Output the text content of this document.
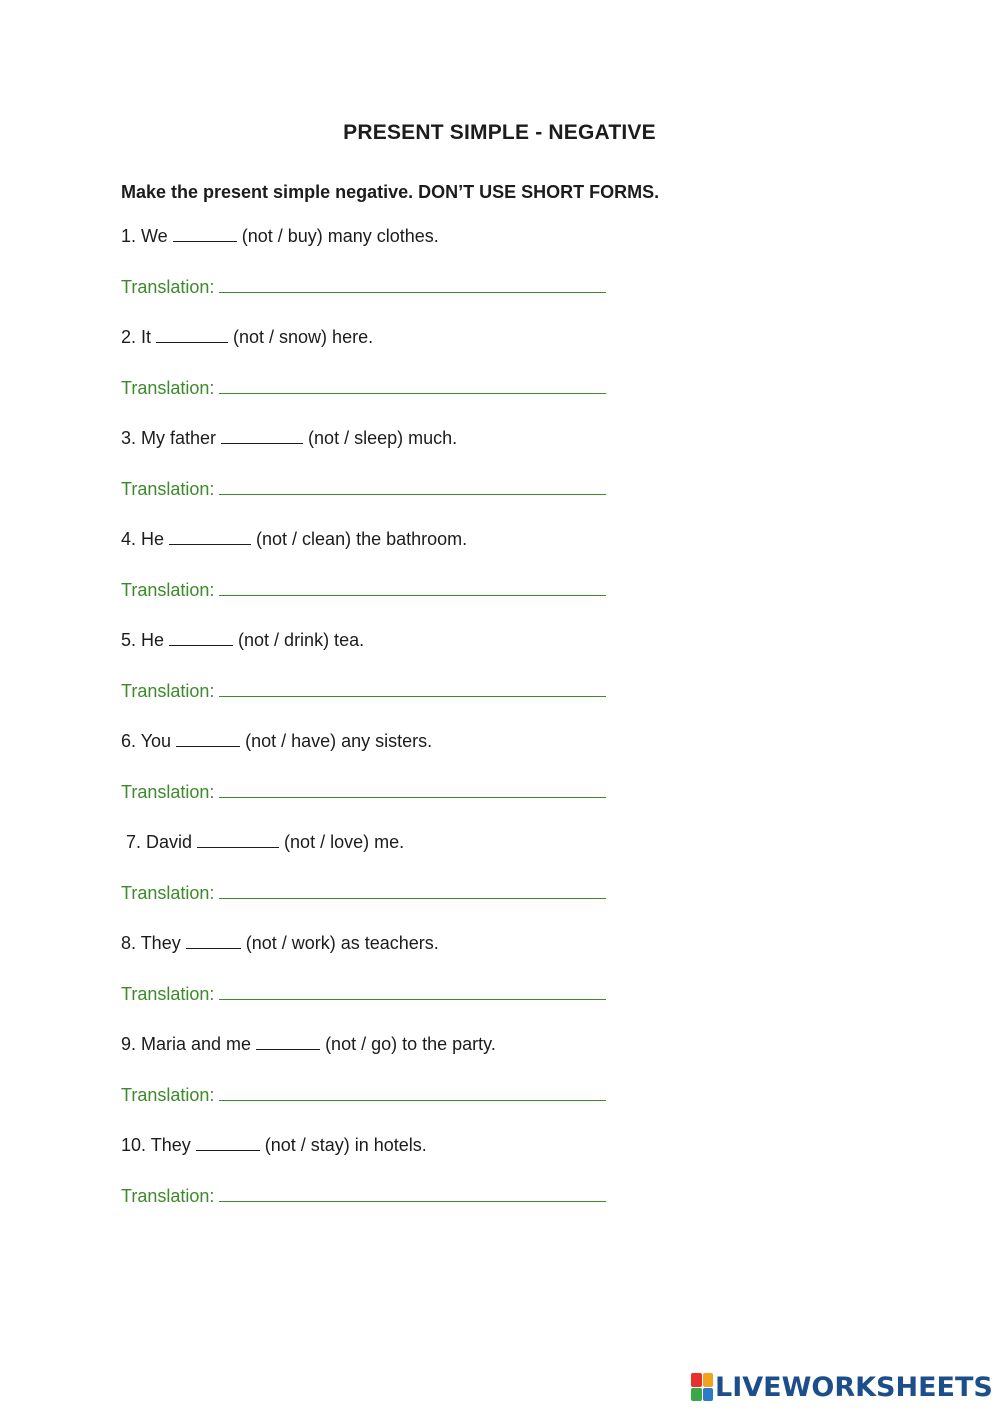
PRESENT SIMPLE - NEGATIVE
Make the present simple negative. DON’T USE SHORT FORMS.
1. We	(not / buy) many clothes.
Translation:
2. It	(not / snow) here.
Translation:
3. My father	(not / sleep) much.
Translation:
4. He	(not / clean) the bathroom.
Translation:
5. He	(not / drink) tea.
Translation:
6. You	(not / have) any sisters.
Translation:
7. David	(not / love) me.
Translation:
8. They	(not / work) as teachers.
Translation:
9. Maria and me	(not / go) to the party.
Translation:
10. They	(not / stay) in hotels.
Translation:
LIVEWORKSHEETS
